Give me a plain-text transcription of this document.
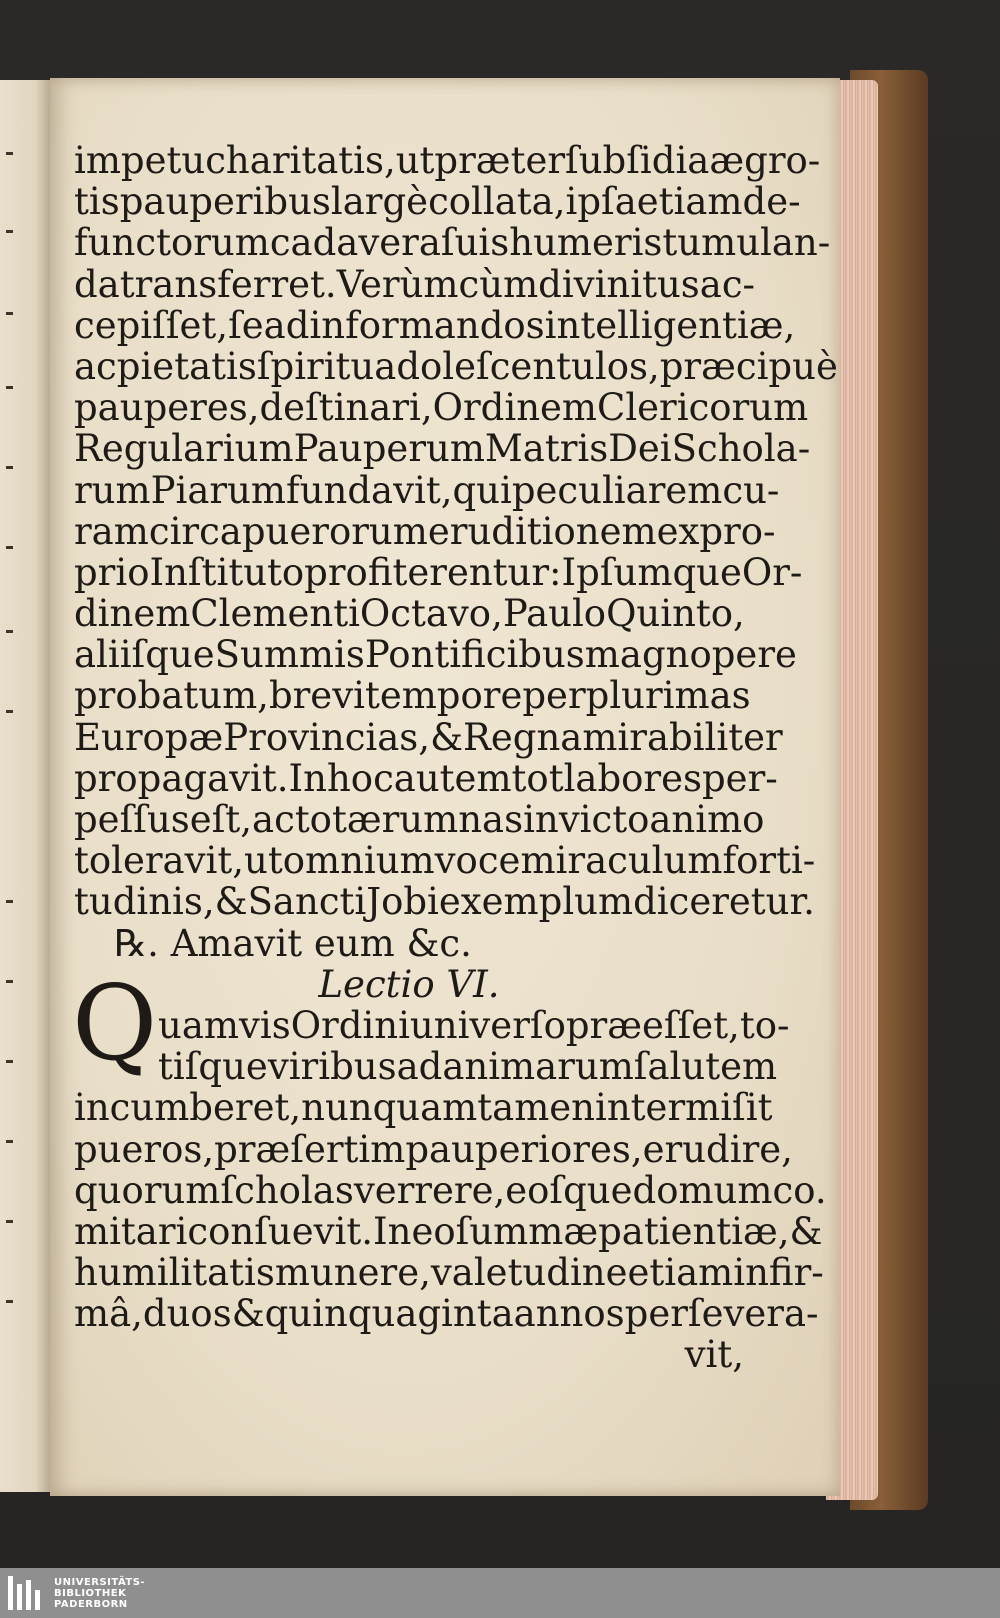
Q
impetu charitatis, ut præter ſubſidia ægro-
tis pauperibus largè collata, ipſa etiam de-
functorum cadavera ſuis humeris tumulan-
da transferret. Verùm cùm divinitus ac-
cepiſſet, ſe ad informandos intelligentiæ,
ac pietatis ſpiritu adoleſcentulos, præcipuè
pauperes, deſtinari, Ordinem Clericorum
Regularium Pauperum Matris Dei Schola-
rum Piarum fundavit, qui peculiarem cu-
ram circa puerorum eruditionem ex pro-
prio Inſtituto profiterentur: Ipſumque Or-
dinem Clementi Octavo, Paulo Quinto,
aliiſque Summis Pontificibus magnopere
probatum, brevi tempore per plurimas
Europæ Provincias, & Regna mirabiliter
propagavit. In hoc autem tot labores per-
peſſus eſt, ac tot ærumnas invicto animo
toleravit, ut omnium voce miraculum forti-
tudinis, & Sancti Jobi exemplum diceretur.
℞. Amavit eum &c.
Lectio VI.
uamvis Ordini univerſo præeſſet, to-
tiſque viribus ad animarum ſalutem
incumberet, nunquam tamen intermiſit
pueros, præſertim pauperiores, erudire,
quorum ſcholas verrere, eoſque domum co.
mitari conſuevit. In eo ſummæ patientiæ,&
humilitatis munere, valetudine etiam infir-
mâ, duos & quinquaginta annos perſevera-
vit,
UNIVERSITÄTS-
BIBLIOTHEK
PADERBORN
